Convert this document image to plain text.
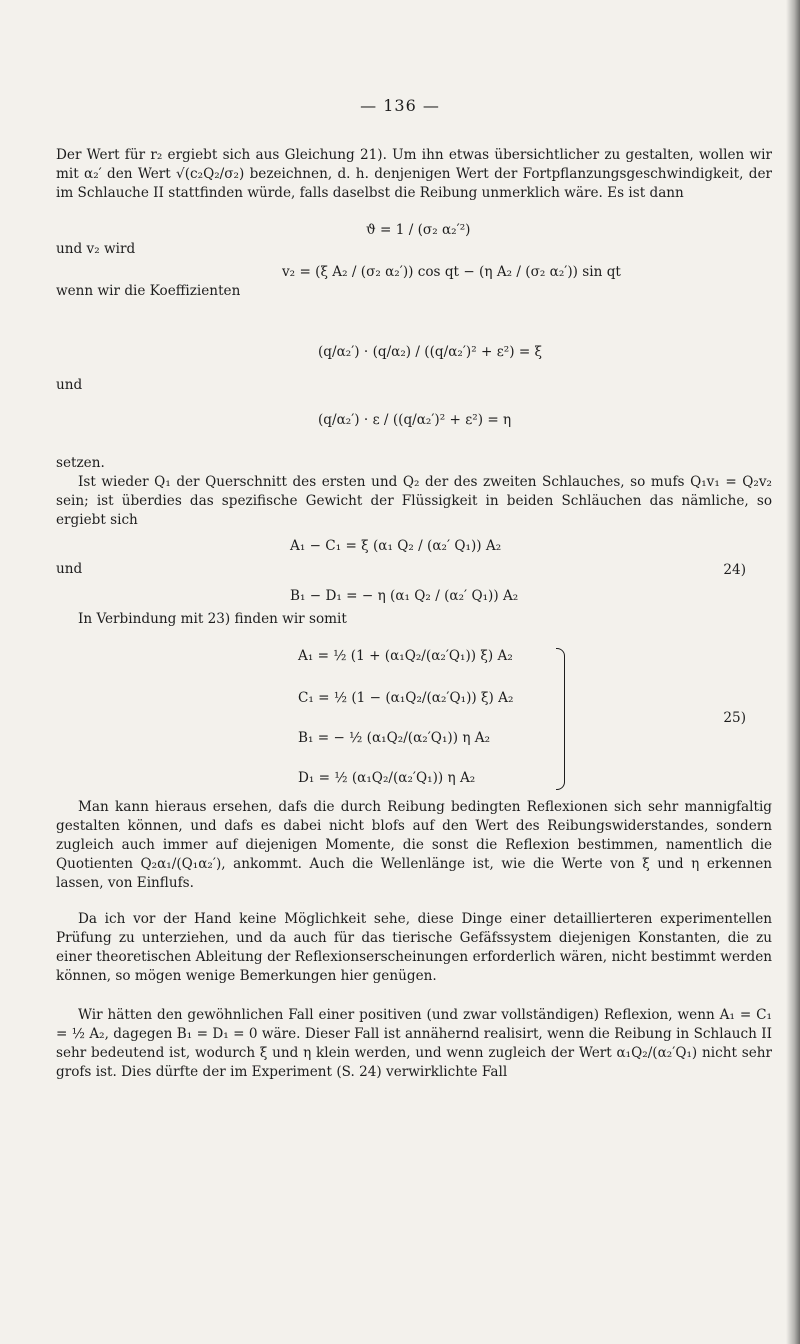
— 136 —
Der Wert für r₂ ergiebt sich aus Gleichung 21). Um ihn etwas übersichtlicher zu gestalten, wollen wir mit α₂′ den Wert √(c₂Q₂/σ₂) bezeichnen, d. h. denjenigen Wert der Fortpflanzungsgeschwindigkeit, der im Schlauche II stattfinden würde, falls daselbst die Reibung unmerklich wäre. Es ist dann
ϑ = 1 / (σ₂ α₂′²)
und v₂ wird
v₂ = (ξ A₂ / (σ₂ α₂′)) cos qt − (η A₂ / (σ₂ α₂′)) sin qt
wenn wir die Koeffizienten
(q/α₂′) · (q/α₂) / ((q/α₂′)² + ε²) = ξ
und
(q/α₂′) · ε / ((q/α₂′)² + ε²) = η
setzen.
Ist wieder Q₁ der Querschnitt des ersten und Q₂ der des zweiten Schlauches, so mufs Q₁v₁ = Q₂v₂ sein; ist überdies das spezifische Gewicht der Flüssigkeit in beiden Schläuchen das nämliche, so ergiebt sich
A₁ − C₁ = ξ (α₁ Q₂ / (α₂′ Q₁)) A₂
und	24)
B₁ − D₁ = − η (α₁ Q₂ / (α₂′ Q₁)) A₂
In Verbindung mit 23) finden wir somit
A₁ = ½ (1 + (α₁Q₂/(α₂′Q₁)) ξ) A₂
C₁ = ½ (1 − (α₁Q₂/(α₂′Q₁)) ξ) A₂
B₁ = − ½ (α₁Q₂/(α₂′Q₁)) η A₂
D₁ = ½ (α₁Q₂/(α₂′Q₁)) η A₂
25)
Man kann hieraus ersehen, dafs die durch Reibung bedingten Reflexionen sich sehr mannigfaltig gestalten können, und dafs es dabei nicht blofs auf den Wert des Reibungswiderstandes, sondern zugleich auch immer auf diejenigen Momente, die sonst die Reflexion bestimmen, namentlich die Quotienten Q₂α₁/(Q₁α₂′), ankommt. Auch die Wellenlänge ist, wie die Werte von ξ und η erkennen lassen, von Einflufs.
Da ich vor der Hand keine Möglichkeit sehe, diese Dinge einer detaillierteren experimentellen Prüfung zu unterziehen, und da auch für das tierische Gefäfssystem diejenigen Konstanten, die zu einer theoretischen Ableitung der Reflexionserscheinungen erforderlich wären, nicht bestimmt werden können, so mögen wenige Bemerkungen hier genügen.
Wir hätten den gewöhnlichen Fall einer positiven (und zwar vollständigen) Reflexion, wenn A₁ = C₁ = ½ A₂, dagegen B₁ = D₁ = 0 wäre. Dieser Fall ist annähernd realisirt, wenn die Reibung in Schlauch II sehr bedeutend ist, wodurch ξ und η klein werden, und wenn zugleich der Wert α₁Q₂/(α₂′Q₁) nicht sehr grofs ist. Dies dürfte der im Experiment (S. 24) verwirklichte Fall
